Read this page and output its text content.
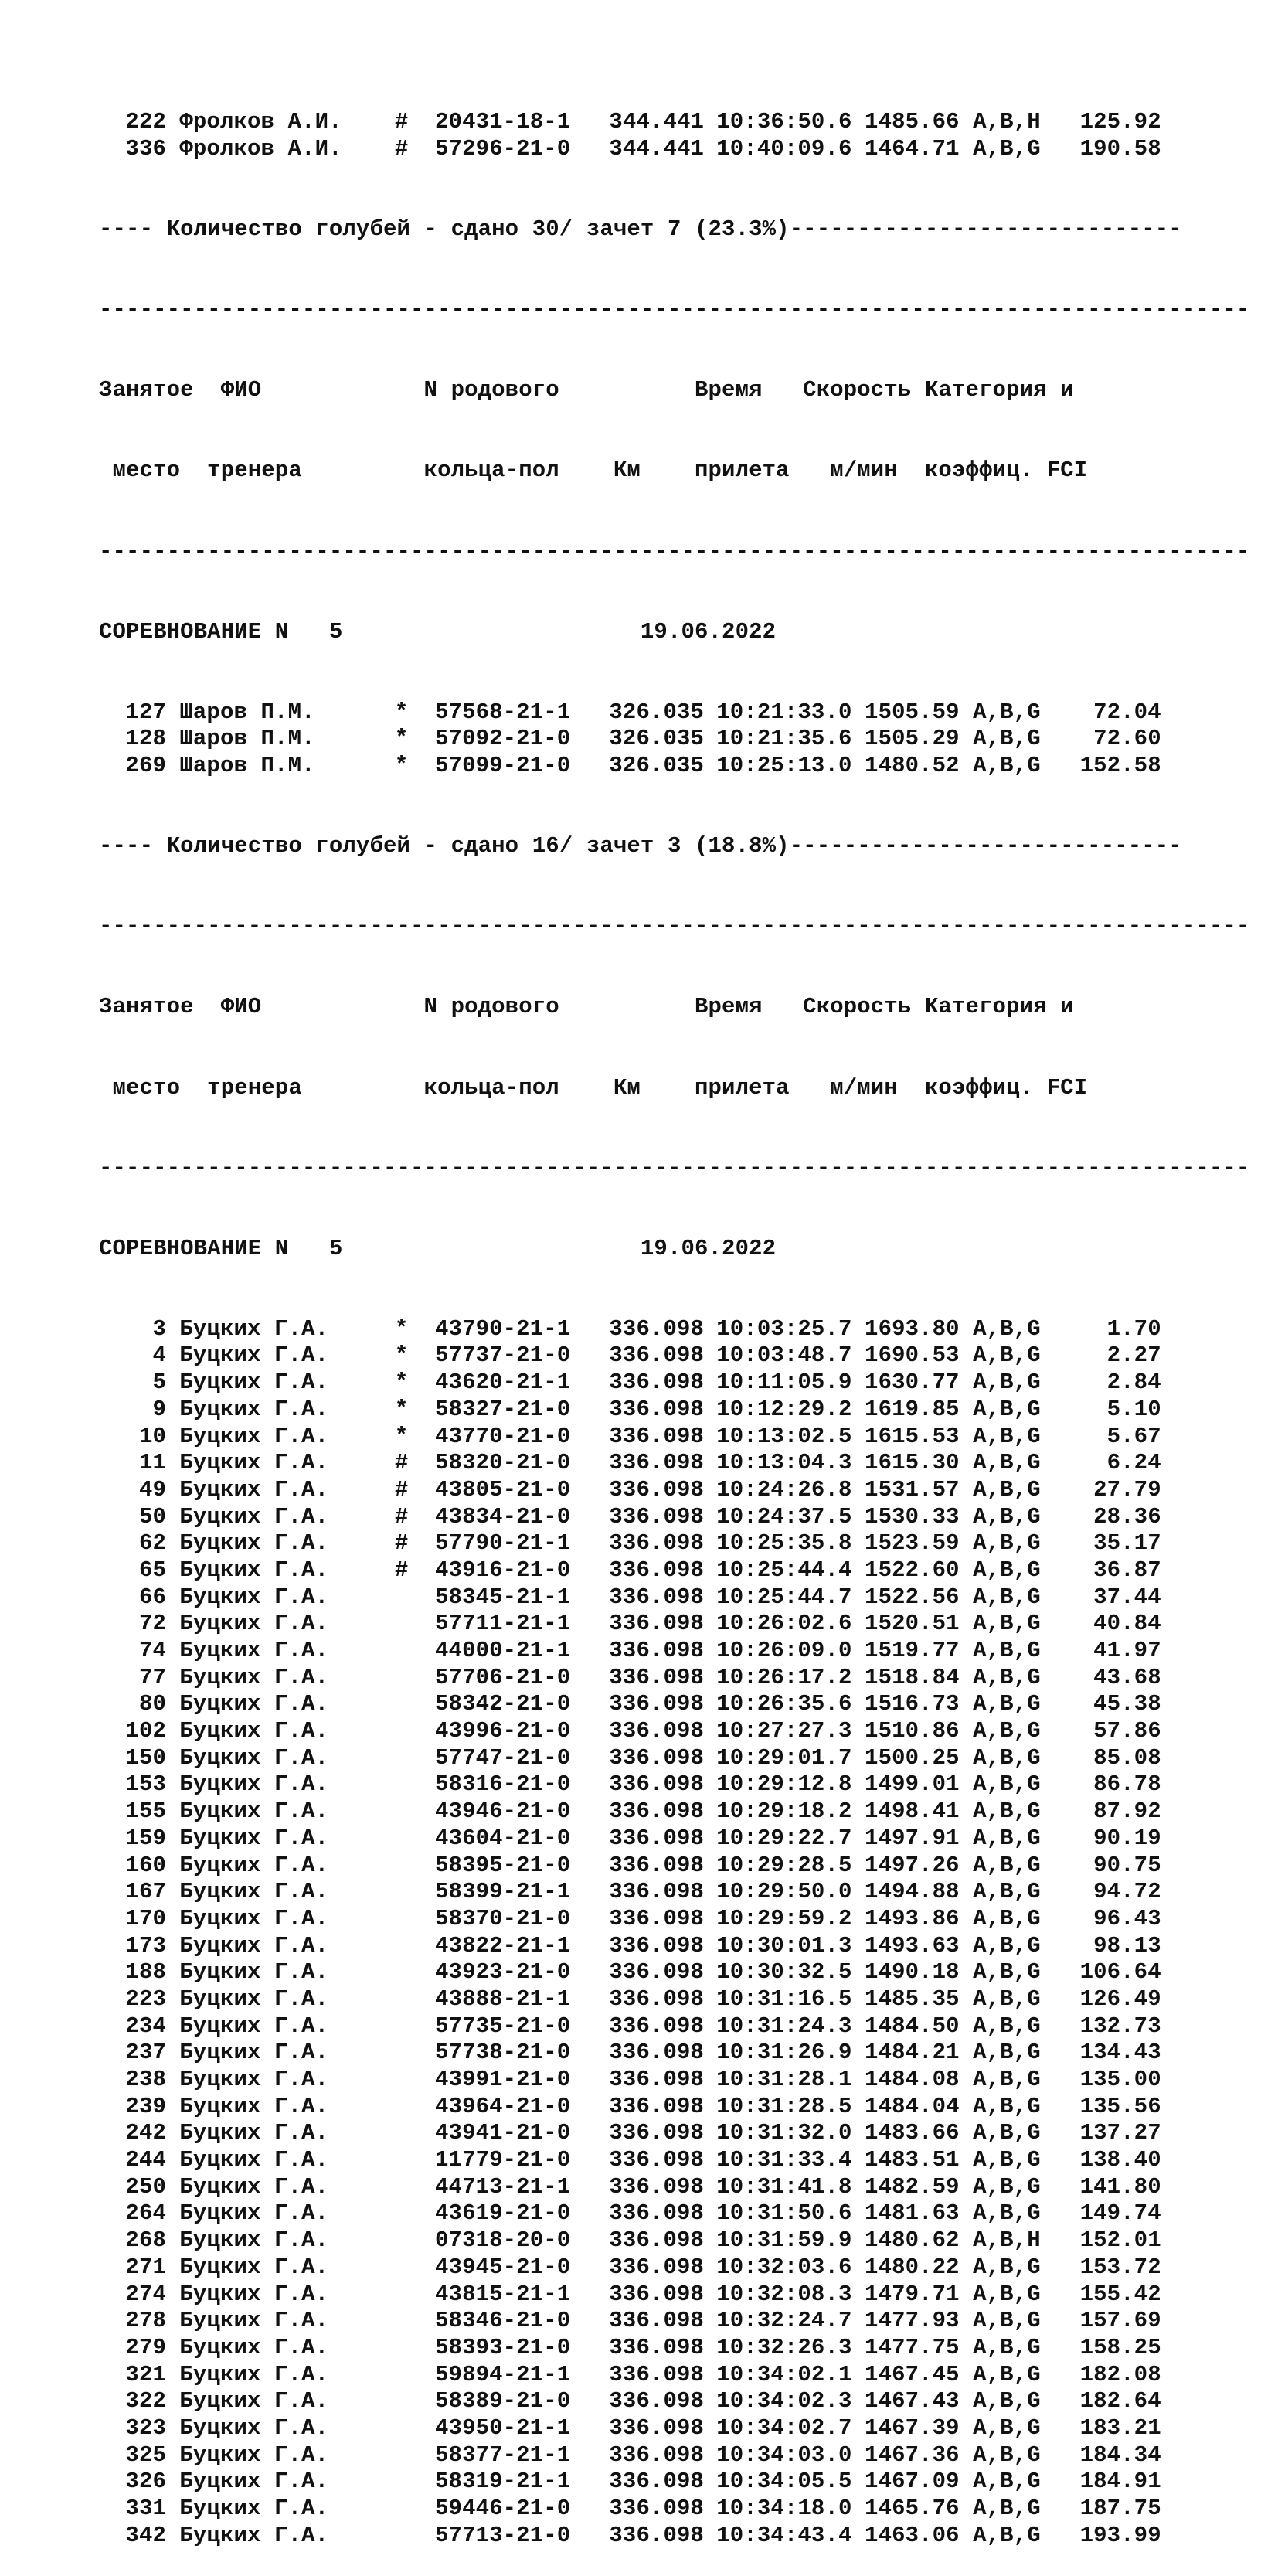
222 Фролков А.И. # 20431-18-1 344.441 10:36:50.6 1485.66 A,B,H 125.92
336 Фролков А.И. # 57296-21-0 344.441 10:40:09.6 1464.71 A,B,G 190.58

---- Количество голубей - сдано 30/ зачет 7 (23.3%)-----------------------------

-------------------------------------------------------------------------------------

Занятое  ФИО            N родового          Время   Скорость Категория и

место  тренера         кольца-пол    Км    прилета   м/мин  коэффиц. FCI

-------------------------------------------------------------------------------------

СОРЕВНОВАНИЕ N   5                      19.06.2022

127 Шаров П.М.	* 57568-21-1 326.035 10:21:33.0 1505.59 A,B,G 72.04
128 Шаров П.М.	* 57092-21-0 326.035 10:21:35.6 1505.29 A,B,G 72.60
269 Шаров П.М.	* 57099-21-0 326.035 10:25:13.0 1480.52 A,B,G 152.58

---- Количество голубей - сдано 16/ зачет 3 (18.8%)-----------------------------

-------------------------------------------------------------------------------------

Занятое  ФИО            N родового          Время   Скорость Категория и

место  тренера         кольца-пол    Км    прилета   м/мин  коэффиц. FCI

-------------------------------------------------------------------------------------

СОРЕВНОВАНИЕ N   5                      19.06.2022

3 Буцких Г.А.	* 43790-21-1 336.098 10:03:25.7 1693.80 A,B,G	1.70
4 Буцких Г.А.	* 57737-21-0 336.098 10:03:48.7 1690.53 A,B,G	2.27
5 Буцких Г.А.	* 43620-21-1 336.098 10:11:05.9 1630.77 A,B,G	2.84
9 Буцких Г.А.	* 58327-21-0 336.098 10:12:29.2 1619.85 A,B,G	5.10
10 Буцких Г.А.	* 43770-21-0 336.098 10:13:02.5 1615.53 A,B,G	5.67
11 Буцких Г.А.	# 58320-21-0 336.098 10:13:04.3 1615.30 A,B,G	6.24
49 Буцких Г.А.	# 43805-21-0 336.098 10:24:26.8 1531.57 A,B,G 27.79
50 Буцких Г.А.	# 43834-21-0 336.098 10:24:37.5 1530.33 A,B,G 28.36
62 Буцких Г.А.	# 57790-21-1 336.098 10:25:35.8 1523.59 A,B,G 35.17
65 Буцких Г.А.	# 43916-21-0 336.098 10:25:44.4 1522.60 A,B,G 36.87
66 Буцких Г.А.	58345-21-1 336.098 10:25:44.7 1522.56 A,B,G 37.44
72 Буцких Г.А.	57711-21-1 336.098 10:26:02.6 1520.51 A,B,G 40.84
74 Буцких Г.А.	44000-21-1 336.098 10:26:09.0 1519.77 A,B,G 41.97
77 Буцких Г.А.	57706-21-0 336.098 10:26:17.2 1518.84 A,B,G 43.68
80 Буцких Г.А.	58342-21-0 336.098 10:26:35.6 1516.73 A,B,G 45.38
102 Буцких Г.А.	43996-21-0 336.098 10:27:27.3 1510.86 A,B,G 57.86
150 Буцких Г.А.	57747-21-0 336.098 10:29:01.7 1500.25 A,B,G 85.08
153 Буцких Г.А.	58316-21-0 336.098 10:29:12.8 1499.01 A,B,G 86.78
155 Буцких Г.А.	43946-21-0 336.098 10:29:18.2 1498.41 A,B,G 87.92
159 Буцких Г.А.	43604-21-0 336.098 10:29:22.7 1497.91 A,B,G 90.19
160 Буцких Г.А.	58395-21-0 336.098 10:29:28.5 1497.26 A,B,G 90.75
167 Буцких Г.А.	58399-21-1 336.098 10:29:50.0 1494.88 A,B,G 94.72
170 Буцких Г.А.	58370-21-0 336.098 10:29:59.2 1493.86 A,B,G 96.43
173 Буцких Г.А.	43822-21-1 336.098 10:30:01.3 1493.63 A,B,G 98.13
188 Буцких Г.А.	43923-21-0 336.098 10:30:32.5 1490.18 A,B,G 106.64
223 Буцких Г.А.	43888-21-1 336.098 10:31:16.5 1485.35 A,B,G 126.49
234 Буцких Г.А.	57735-21-0 336.098 10:31:24.3 1484.50 A,B,G 132.73
237 Буцких Г.А.	57738-21-0 336.098 10:31:26.9 1484.21 A,B,G 134.43
238 Буцких Г.А.	43991-21-0 336.098 10:31:28.1 1484.08 A,B,G 135.00
239 Буцких Г.А.	43964-21-0 336.098 10:31:28.5 1484.04 A,B,G 135.56
242 Буцких Г.А.	43941-21-0 336.098 10:31:32.0 1483.66 A,B,G 137.27
244 Буцких Г.А.	11779-21-0 336.098 10:31:33.4 1483.51 A,B,G 138.40
250 Буцких Г.А.	44713-21-1 336.098 10:31:41.8 1482.59 A,B,G 141.80
264 Буцких Г.А.	43619-21-0 336.098 10:31:50.6 1481.63 A,B,G 149.74
268 Буцких Г.А.	07318-20-0 336.098 10:31:59.9 1480.62 A,B,H 152.01
271 Буцких Г.А.	43945-21-0 336.098 10:32:03.6 1480.22 A,B,G 153.72
274 Буцких Г.А.	43815-21-1 336.098 10:32:08.3 1479.71 A,B,G 155.42
278 Буцких Г.А.	58346-21-0 336.098 10:32:24.7 1477.93 A,B,G 157.69
279 Буцких Г.А.	58393-21-0 336.098 10:32:26.3 1477.75 A,B,G 158.25
321 Буцких Г.А.	59894-21-1 336.098 10:34:02.1 1467.45 A,B,G 182.08
322 Буцких Г.А.	58389-21-0 336.098 10:34:02.3 1467.43 A,B,G 182.64
323 Буцких Г.А.	43950-21-1 336.098 10:34:02.7 1467.39 A,B,G 183.21
325 Буцких Г.А.	58377-21-1 336.098 10:34:03.0 1467.36 A,B,G 184.34
326 Буцких Г.А.	58319-21-1 336.098 10:34:05.5 1467.09 A,B,G 184.91
331 Буцких Г.А.	59446-21-0 336.098 10:34:18.0 1465.76 A,B,G 187.75
342 Буцких Г.А.	57713-21-0 336.098 10:34:43.4 1463.06 A,B,G 193.99
